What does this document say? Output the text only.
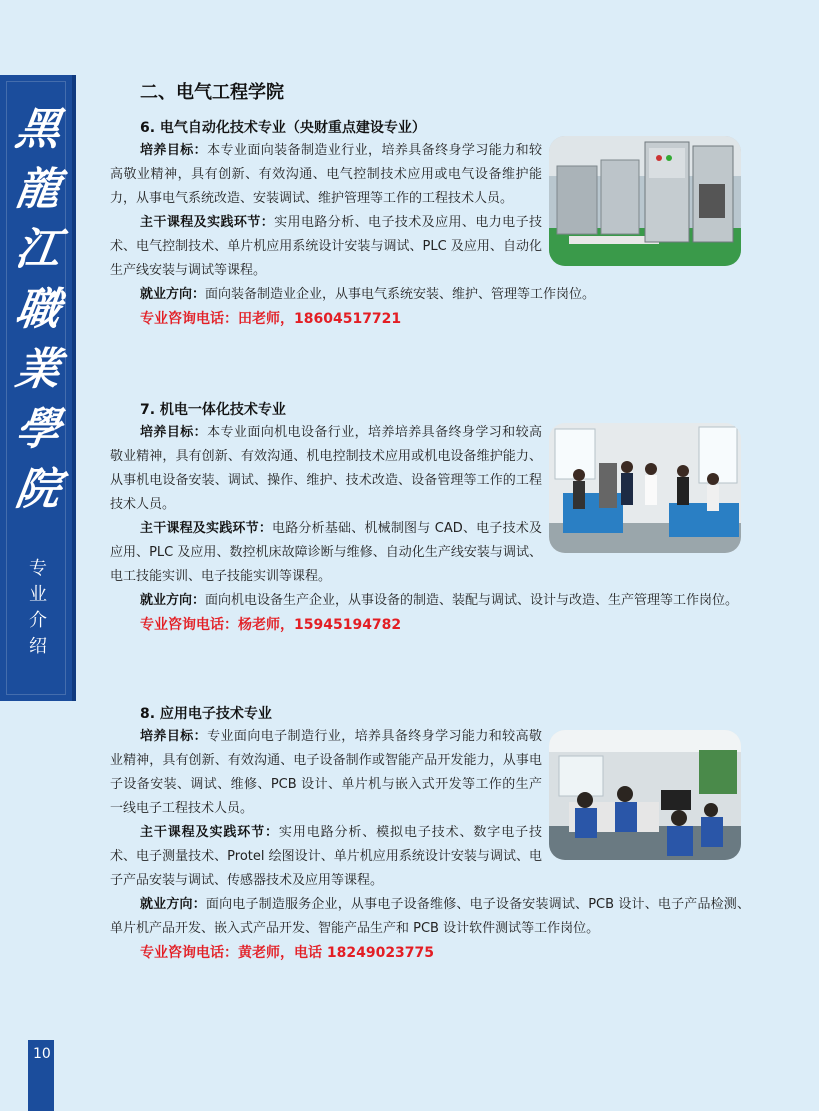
黑
龍
江
職
業
學
院
专
业
介
绍
10
二、电气工程学院
6. 电气自动化技术专业（央财重点建设专业）
培养目标：本专业面向装备制造业行业，培养具备终身学习能力和较高敬业精神，具有创新、有效沟通、电气控制技术应用或电气设备维护能力，从事电气系统改造、安装调试、维护管理等工作的工程技术人员。
主干课程及实践环节：实用电路分析、电子技术及应用、电力电子技术、电气控制技术、单片机应用系统设计安装与调试、PLC 及应用、自动化生产线安装与调试等课程。
就业方向：面向装备制造业企业，从事电气系统安装、维护、管理等工作岗位。
专业咨询电话：田老师，18604517721
7. 机电一体化技术专业
培养目标：本专业面向机电设备行业，培养培养具备终身学习和较高敬业精神，具有创新、有效沟通、机电控制技术应用或机电设备维护能力、从事机电设备安装、调试、操作、维护、技术改造、设备管理等工作的工程技术人员。
主干课程及实践环节：电路分析基础、机械制图与 CAD、电子技术及应用、PLC 及应用、数控机床故障诊断与维修、自动化生产线安装与调试、电工技能实训、电子技能实训等课程。
就业方向：面向机电设备生产企业，从事设备的制造、装配与调试、设计与改造、生产管理等工作岗位。
专业咨询电话：杨老师，15945194782
8. 应用电子技术专业
培养目标：专业面向电子制造行业，培养具备终身学习能力和较高敬业精神，具有创新、有效沟通、电子设备制作或智能产品开发能力，从事电子设备安装、调试、维修、PCB 设计、单片机与嵌入式开发等工作的生产一线电子工程技术人员。
主干课程及实践环节：实用电路分析、模拟电子技术、数字电子技术、电子测量技术、Protel 绘图设计、单片机应用系统设计安装与调试、电子产品安装与调试、传感器技术及应用等课程。
就业方向：面向电子制造服务企业，从事电子设备维修、电子设备安装调试、PCB 设计、电子产品检测、单片机产品开发、嵌入式产品开发、智能产品生产和 PCB 设计软件测试等工作岗位。
专业咨询电话：黄老师，电话 18249023775
